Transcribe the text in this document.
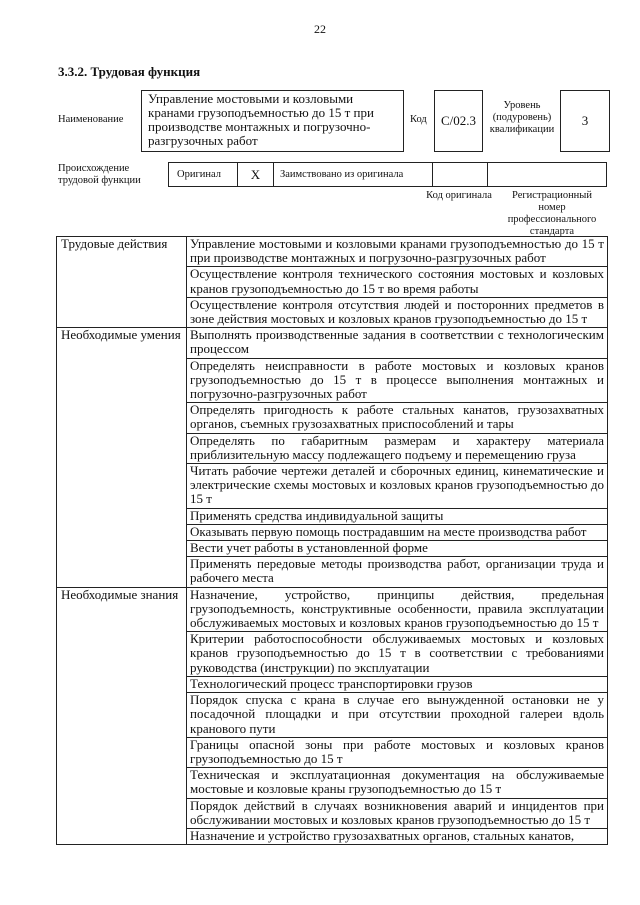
22
3.3.2. Трудовая функция
Наименование
Управление мостовыми и козловыми кранами грузоподъемностью до 15 т при производстве монтажных и погрузочно-разгрузочных работ
Код С/02.3
Уровень (подуровень) квалификации
3
Происхождение трудовой функции
Оригинал X Заимствовано из оригинала
Код оригинала	Регистрационный номер профессионального стандарта
Трудовые действия	Управление мостовыми и козловыми кранами грузоподъемностью до 15 т при производстве монтажных и погрузочно-разгрузочных работ
	Осуществление контроля технического состояния мостовых и козловых кранов грузоподъемностью до 15 т во время работы
	Осуществление контроля отсутствия людей и посторонних предметов в зоне действия мостовых и козловых кранов грузоподъемностью до 15 т
Необходимые умения	Выполнять производственные задания в соответствии с технологическим процессом
	Определять неисправности в работе мостовых и козловых кранов грузоподъемностью до 15 т в процессе выполнения монтажных и погрузочно-разгрузочных работ
	Определять пригодность к работе стальных канатов, грузозахватных органов, съемных грузозахватных приспособлений и тары
	Определять по габаритным размерам и характеру материала приблизительную массу подлежащего подъему и перемещению груза
	Читать рабочие чертежи деталей и сборочных единиц, кинематические и электрические схемы мостовых и козловых кранов грузоподъемностью до 15 т
	Применять средства индивидуальной защиты
	Оказывать первую помощь пострадавшим на месте производства работ
	Вести учет работы в установленной форме
	Применять передовые методы производства работ, организации труда и рабочего места
Необходимые знания	Назначение, устройство, принципы действия, предельная грузоподъемность, конструктивные особенности, правила эксплуатации обслуживаемых мостовых и козловых кранов грузоподъемностью до 15 т
	Критерии работоспособности обслуживаемых мостовых и козловых кранов грузоподъемностью до 15 т в соответствии с требованиями руководства (инструкции) по эксплуатации
	Технологический процесс транспортировки грузов
	Порядок спуска с крана в случае его вынужденной остановки не у посадочной площадки и при отсутствии проходной галереи вдоль кранового пути
	Границы опасной зоны при работе мостовых и козловых кранов грузоподъемностью до 15 т
	Техническая и эксплуатационная документация на обслуживаемые мостовые и козловые краны грузоподъемностью до 15 т
	Порядок действий в случаях возникновения аварий и инцидентов при обслуживании мостовых и козловых кранов грузоподъемностью до 15 т
	Назначение и устройство грузозахватных органов, стальных канатов,
